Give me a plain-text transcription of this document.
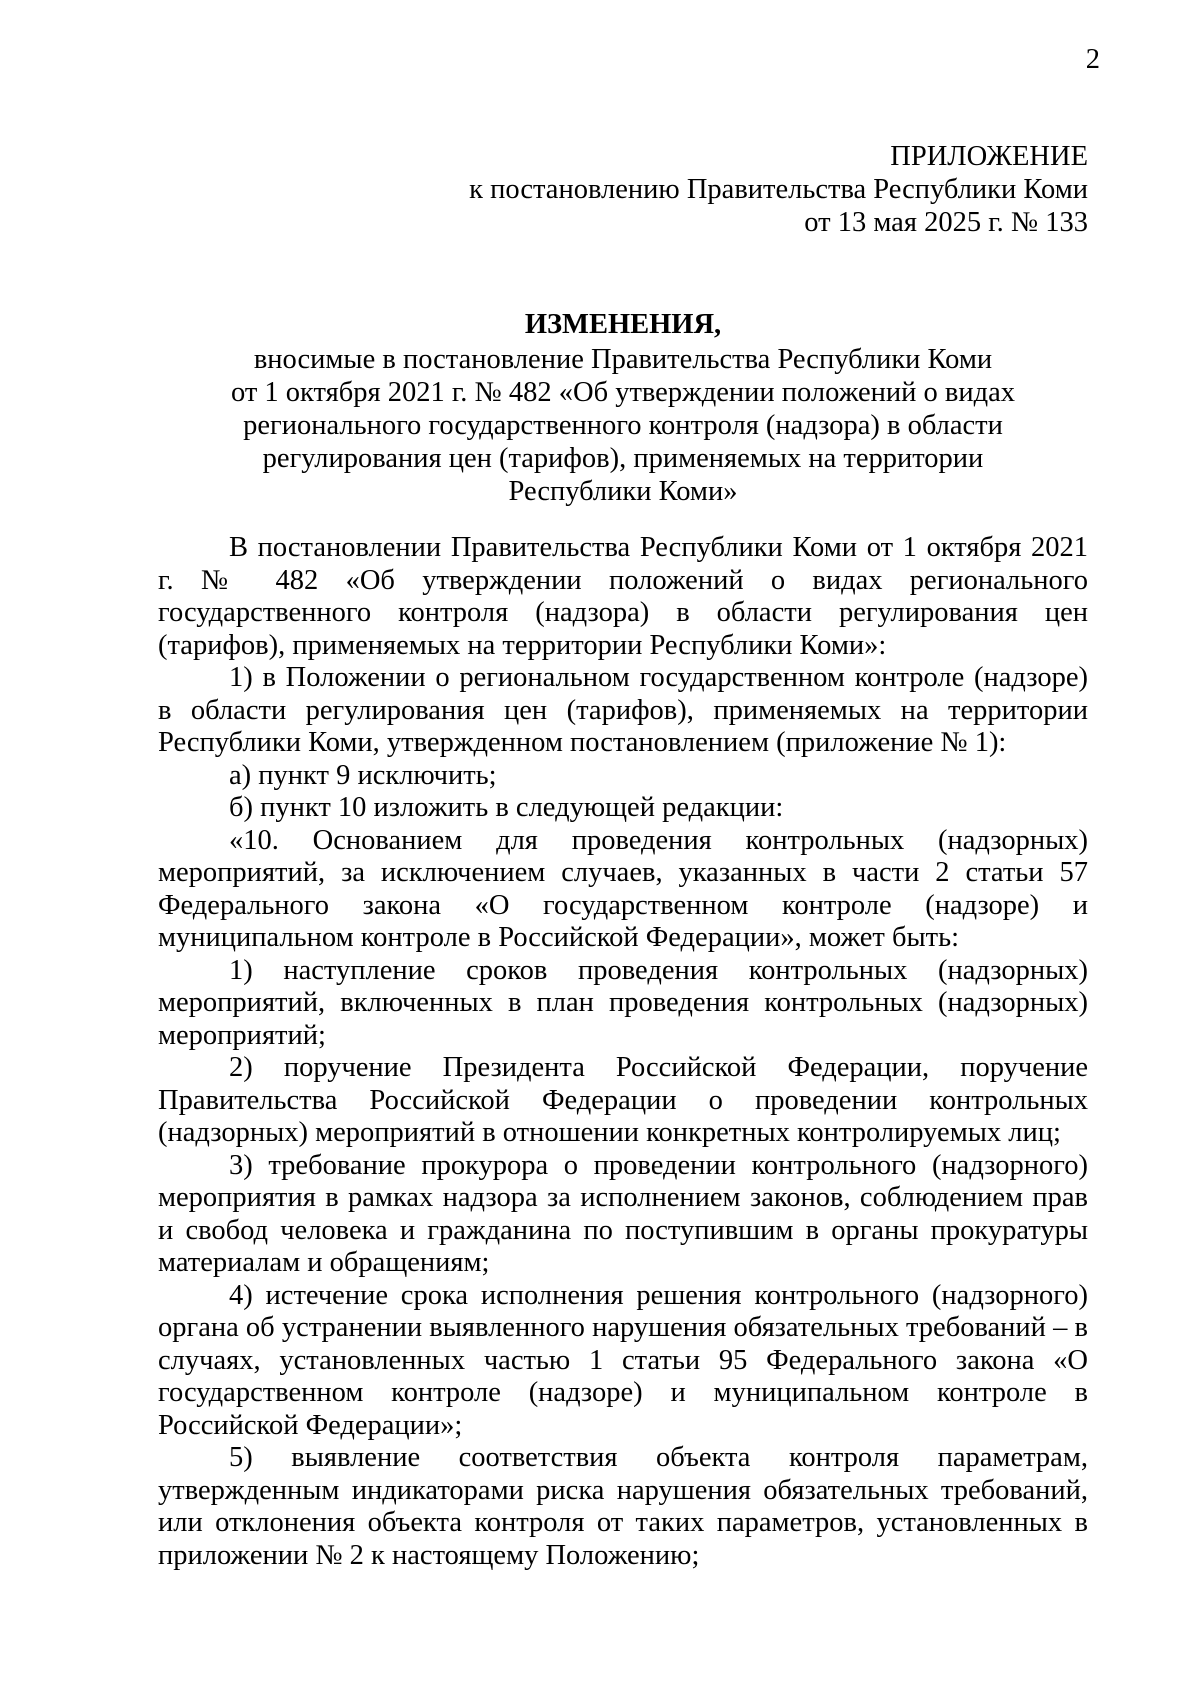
2
ПРИЛОЖЕНИЕ
к постановлению Правительства Республики Коми
от 13 мая 2025 г. № 133
ИЗМЕНЕНИЯ,
вносимые в постановление Правительства Республики Коми
от 1 октября 2021 г. № 482 «Об утверждении положений о видах
регионального государственного контроля (надзора) в области
регулирования цен (тарифов), применяемых на территории
Республики Коми»

В постановлении Правительства Республики Коми от 1 октября 2021 г. № 482 «Об утверждении положений о видах регионального государственного контроля (надзора) в области регулирования цен (тарифов), применяемых на территории Республики Коми»:

1) в Положении о региональном государственном контроле (надзоре) в области регулирования цен (тарифов), применяемых на территории Республики Коми, утвержденном постановлением (приложение № 1):

а) пункт 9 исключить;

б) пункт 10 изложить в следующей редакции:

«10. Основанием для проведения контрольных (надзорных) мероприятий, за исключением случаев, указанных в части 2 статьи 57 Федерального закона «О государственном контроле (надзоре) и муниципальном контроле в Российской Федерации», может быть:

1) наступление сроков проведения контрольных (надзорных) мероприятий, включенных в план проведения контрольных (надзорных) мероприятий;

2) поручение Президента Российской Федерации, поручение Правительства Российской Федерации о проведении контрольных (надзорных) мероприятий в отношении конкретных контролируемых лиц;

3) требование прокурора о проведении контрольного (надзорного) мероприятия в рамках надзора за исполнением законов, соблюдением прав и свобод человека и гражданина по поступившим в органы прокуратуры материалам и обращениям;

4) истечение срока исполнения решения контрольного (надзорного) органа об устранении выявленного нарушения обязательных требований – в случаях, установленных частью 1 статьи 95 Федерального закона «О государственном контроле (надзоре) и муниципальном контроле в Российской Федерации»;

5) выявление соответствия объекта контроля параметрам, утвержденным индикаторами риска нарушения обязательных требований, или отклонения объекта контроля от таких параметров, установленных в приложении № 2 к настоящему Положению;
